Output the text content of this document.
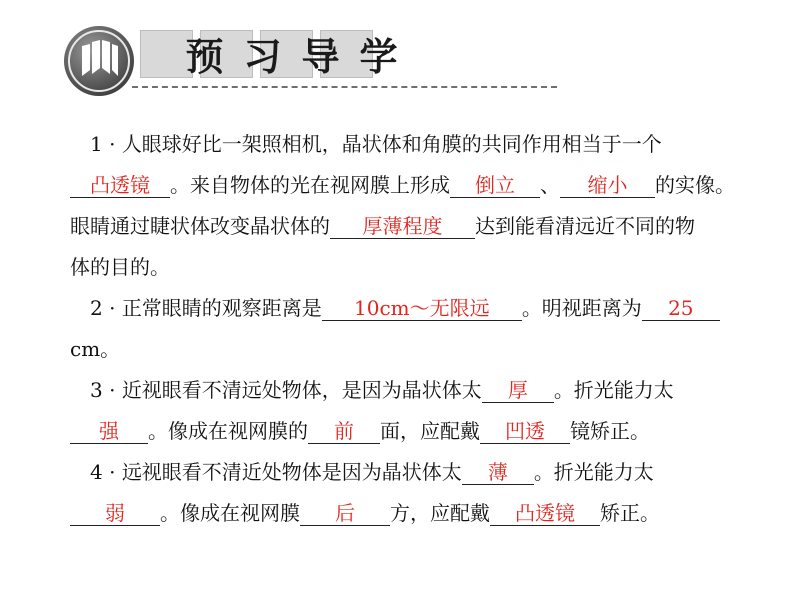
预 习 导 学

1 · 人眼球好比一架照相机，晶状体和角膜的共同作用相当于一个

凸透镜 。来自物体的光在视网膜上形成 倒立 、 缩小 的实像。

眼睛通过睫状体改变晶状体的 厚薄程度 达到能看清远近不同的物

体的目的。

2 · 正常眼睛的观察距离是 10cm～无限远 。明视距离为 25

cm。

3 · 近视眼看不清远处物体，是因为晶状体太 厚 。折光能力太

强 。像成在视网膜的 前 面，应配戴 凹透 镜矫正。

4 · 远视眼看不清近处物体是因为晶状体太 薄 。折光能力太

弱 。像成在视网膜 后 方，应配戴 凸透镜 矫正。
